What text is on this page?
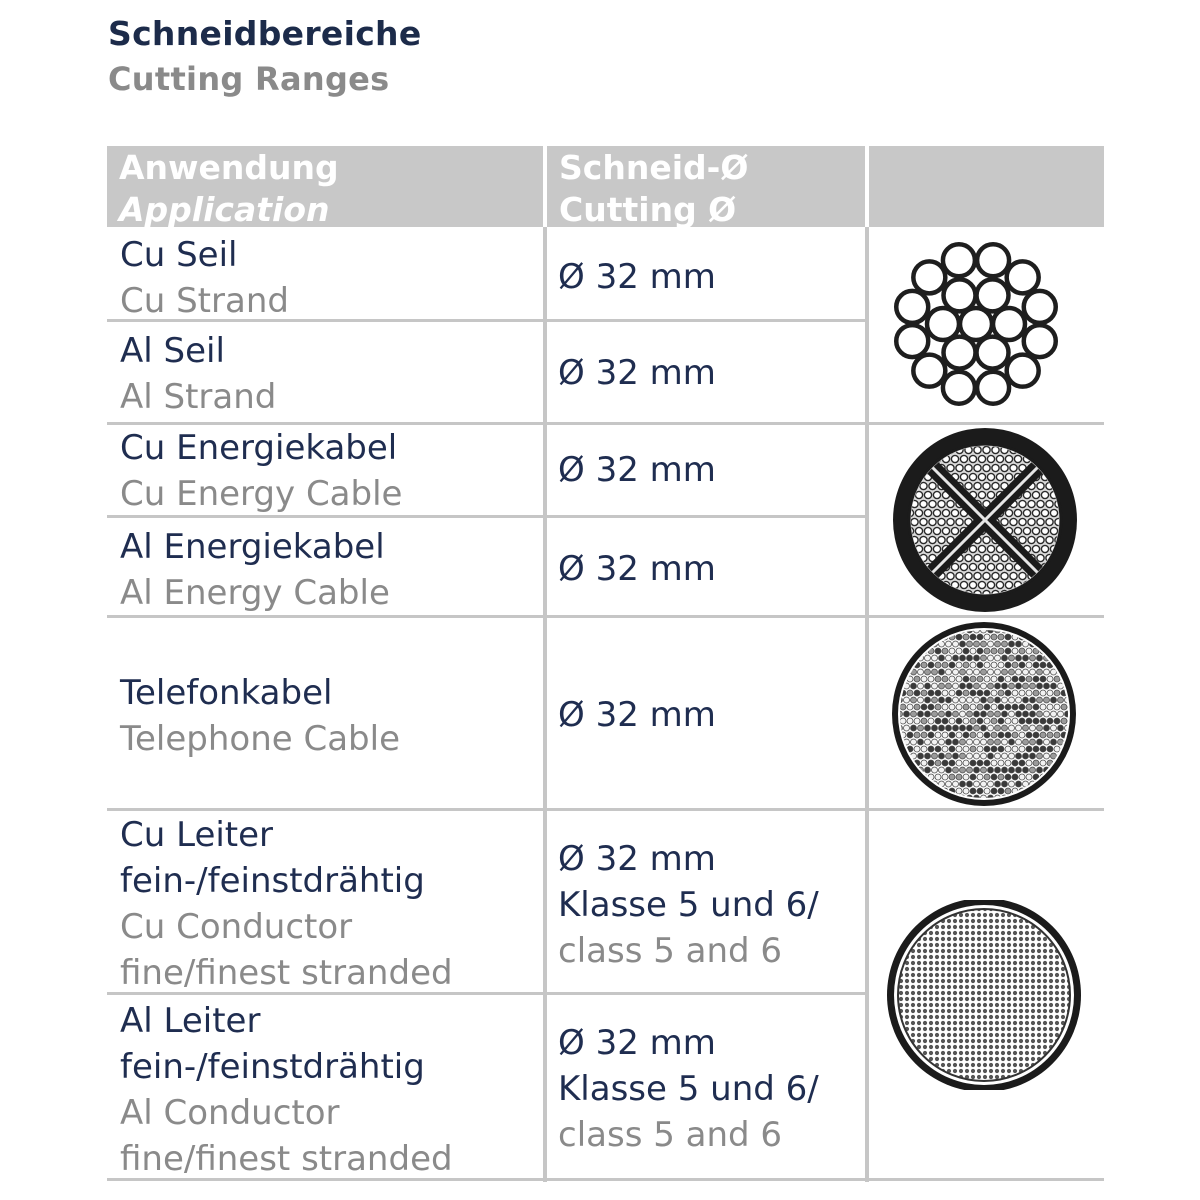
Schneidbereiche
Cutting Ranges
Anwendung
Application
Schneid-Ø
Cutting Ø
Cu Seil
Cu Strand
Ø 32 mm
Al Seil
Al Strand
Ø 32 mm
Cu Energiekabel
Cu Energy Cable
Ø 32 mm
Al Energiekabel
Al Energy Cable
Ø 32 mm
Telefonkabel
Telephone Cable
Ø 32 mm
Cu Leiter
fein-/feinstdrähtig
Cu Conductor
fine/finest stranded
Ø 32 mm
Klasse 5 und 6/
class 5 and 6
Al Leiter
fein-/feinstdrähtig
Al Conductor
fine/finest stranded
Ø 32 mm
Klasse 5 und 6/
class 5 and 6
